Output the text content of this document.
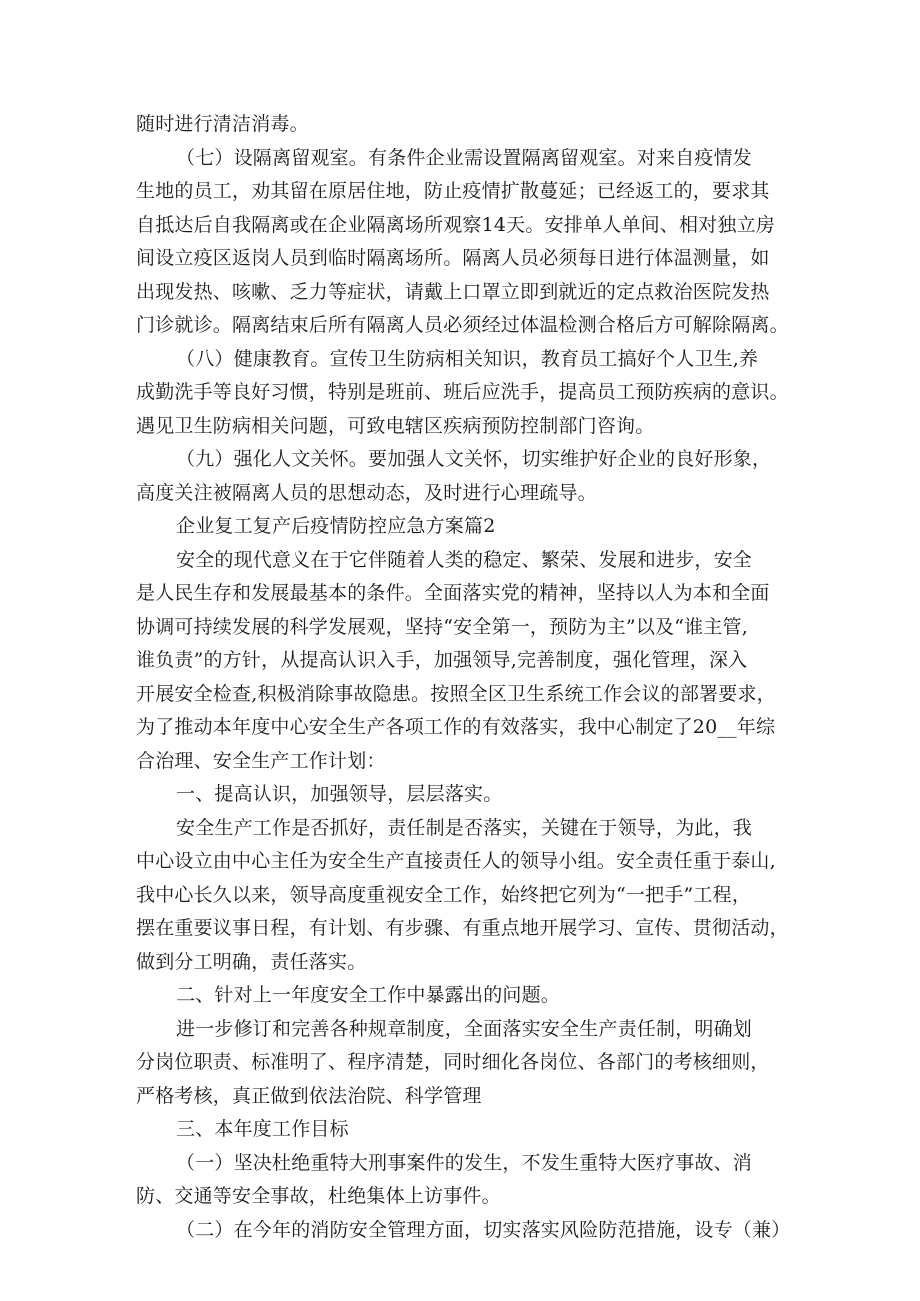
随时进行清洁消毒。
（七）设隔离留观室。有条件企业需设置隔离留观室。对来自疫情发
生地的员工，劝其留在原居住地，防止疫情扩散蔓延；已经返工的，要求其
自抵达后自我隔离或在企业隔离场所观察14天。安排单人单间、相对独立房
间设立疫区返岗人员到临时隔离场所。隔离人员必须每日进行体温测量，如
出现发热、咳嗽、乏力等症状，请戴上口罩立即到就近的定点救治医院发热
门诊就诊。隔离结束后所有隔离人员必须经过体温检测合格后方可解除隔离。
（八）健康教育。宣传卫生防病相关知识，教育员工搞好个人卫生,养
成勤洗手等良好习惯，特别是班前、班后应洗手，提高员工预防疾病的意识。
遇见卫生防病相关问题，可致电辖区疾病预防控制部门咨询。
（九）强化人文关怀。要加强人文关怀，切实维护好企业的良好形象，
高度关注被隔离人员的思想动态，及时进行心理疏导。
企业复工复产后疫情防控应急方案篇2
安全的现代意义在于它伴随着人类的稳定、繁荣、发展和进步，安全
是人民生存和发展最基本的条件。全面落实党的精神，坚持以人为本和全面
协调可持续发展的科学发展观，坚持“安全第一，预防为主”以及“谁主管,
谁负责”的方针，从提高认识入手，加强领导,完善制度，强化管理，深入
开展安全检查,积极消除事故隐患。按照全区卫生系统工作会议的部署要求，
为了推动本年度中心安全生产各项工作的有效落实，我中心制定了20__年综
合治理、安全生产工作计划：
一、提高认识，加强领导，层层落实。
安全生产工作是否抓好，责任制是否落实，关键在于领导，为此，我
中心设立由中心主任为安全生产直接责任人的领导小组。安全责任重于泰山,
我中心长久以来，领导高度重视安全工作，始终把它列为“一把手”工程，
摆在重要议事日程，有计划、有步骤、有重点地开展学习、宣传、贯彻活动，
做到分工明确，责任落实。
二、针对上一年度安全工作中暴露出的问题。
进一步修订和完善各种规章制度，全面落实安全生产责任制，明确划
分岗位职责、标准明了、程序清楚，同时细化各岗位、各部门的考核细则，
严格考核，真正做到依法治院、科学管理
三、本年度工作目标
（一）坚决杜绝重特大刑事案件的发生，不发生重特大医疗事故、消
防、交通等安全事故，杜绝集体上访事件。
（二）在今年的消防安全管理方面，切实落实风险防范措施，设专（兼）
